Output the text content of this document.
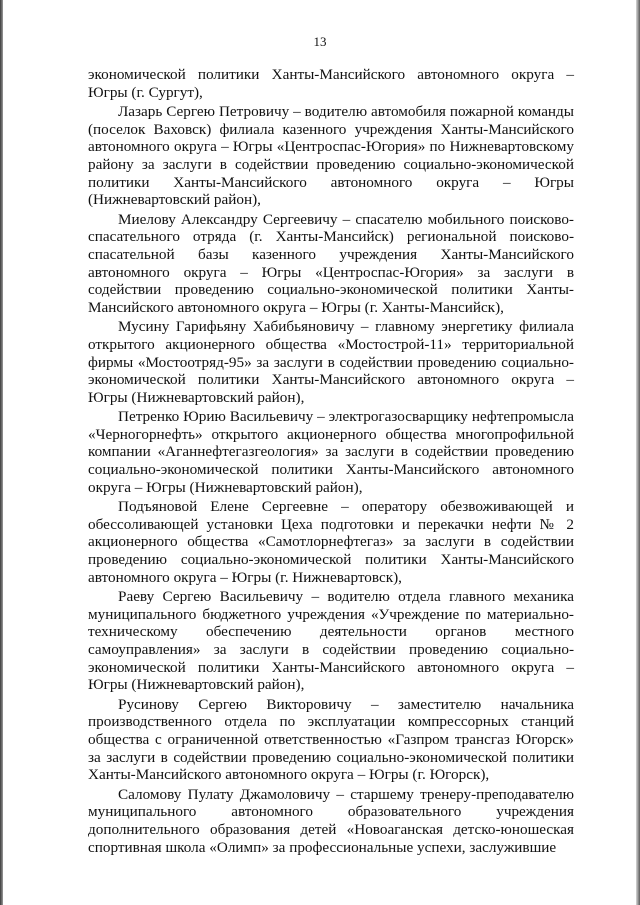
13

экономической политики Ханты-Мансийского автономного округа – Югры (г. Сургут),

Лазарь Сергею Петровичу – водителю автомобиля пожарной команды (поселок Ваховск) филиала казенного учреждения Ханты-Мансийского автономного округа – Югры «Центроспас-Югория» по Нижневартовскому району за заслуги в содействии проведению социально-экономической политики Ханты-Мансийского автономного округа – Югры (Нижневартовский район),

Миелову Александру Сергеевичу – спасателю мобильного поисково-спасательного отряда (г. Ханты-Мансийск) региональной поисково-спасательной базы казенного учреждения Ханты-Мансийского автономного округа – Югры «Центроспас-Югория» за заслуги в содействии проведению социально-экономической политики Ханты-Мансийского автономного округа – Югры (г. Ханты-Мансийск),

Мусину Гарифьяну Хабибьяновичу – главному энергетику филиала открытого акционерного общества «Мостострой-11» территориальной фирмы «Мостоотряд-95» за заслуги в содействии проведению социально-экономической политики Ханты-Мансийского автономного округа – Югры (Нижневартовский район),

Петренко Юрию Васильевичу – электрогазосварщику нефтепромысла «Черногорнефть» открытого акционерного общества многопрофильной компании «Аганнефтегазгеология» за заслуги в содействии проведению социально-экономической политики Ханты-Мансийского автономного округа – Югры (Нижневартовский район),

Подъяновой Елене Сергеевне – оператору обезвоживающей и обессоливающей установки Цеха подготовки и перекачки нефти № 2 акционерного общества «Самотлорнефтегаз» за заслуги в содействии проведению социально-экономической политики Ханты-Мансийского автономного округа – Югры (г. Нижневартовск),

Раеву Сергею Васильевичу – водителю отдела главного механика муниципального бюджетного учреждения «Учреждение по материально-техническому обеспечению деятельности органов местного самоуправления» за заслуги в содействии проведению социально-экономической политики Ханты-Мансийского автономного округа – Югры (Нижневартовский район),

Русинову Сергею Викторовичу – заместителю начальника производственного отдела по эксплуатации компрессорных станций общества с ограниченной ответственностью «Газпром трансгаз Югорск» за заслуги в содействии проведению социально-экономической политики Ханты-Мансийского автономного округа – Югры (г. Югорск),

Саломову Пулату Джамоловичу – старшему тренеру-преподавателю муниципального автономного образовательного учреждения дополнительного образования детей «Новоаганская детско-юношеская спортивная школа «Олимп» за профессиональные успехи, заслужившие
